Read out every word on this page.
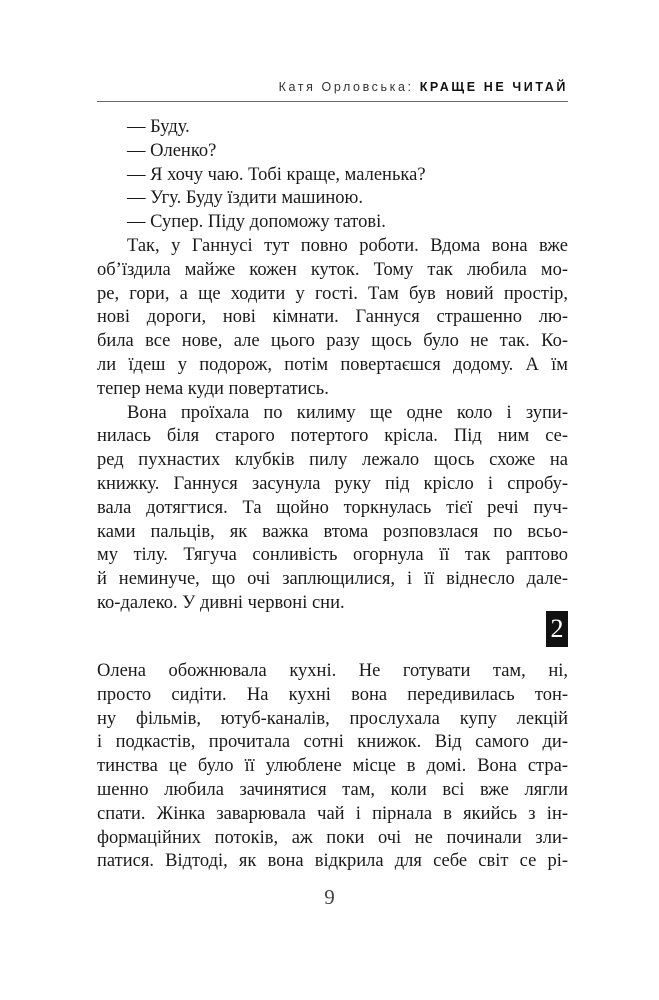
Катя Орловська: КРАЩЕ НЕ ЧИТАЙ
— Буду.
— Оленко?
— Я хочу чаю. Тобі краще, маленька?
— Угу. Буду їздити машиною.
— Супер. Піду допоможу татові.
Так, у Ганнусі тут повно роботи. Вдома вона вже
об’їздила майже кожен куток. Тому так любила мо-
ре, гори, а ще ходити у гості. Там був новий простір,
нові дороги, нові кімнати. Ганнуся страшенно лю-
била все нове, але цього разу щось було не так. Ко-
ли їдеш у подорож, потім повертаєшся додому. А їм
тепер нема куди повертатись.
Вона проїхала по килиму ще одне коло і зупи-
нилась біля старого потертого крісла. Під ним се-
ред пухнастих клубків пилу лежало щось схоже на
книжку. Ганнуся засунула руку під крісло і спробу-
вала дотягтися. Та щойно торкнулась тієї речі пуч-
ками пальців, як важка втома розповзлася по всьо-
му тілу. Тягуча сонливість огорнула її так раптово
й неминуче, що очі заплющилися, і її віднесло дале-
ко-далеко. У дивні червоні сни.
2
Олена обожнювала кухні. Не готувати там, ні,
просто сидіти. На кухні вона передивилась тон-
ну фільмів, ютуб-каналів, прослухала купу лекцій
і подкастів, прочитала сотні книжок. Від самого ди-
тинства це було її улюблене місце в домі. Вона стра-
шенно любила зачинятися там, коли всі вже лягли
спати. Жінка заварювала чай і пірнала в якийсь з ін-
формаційних потоків, аж поки очі не починали зли-
патися. Відтоді, як вона відкрила для себе світ се рі-
9
